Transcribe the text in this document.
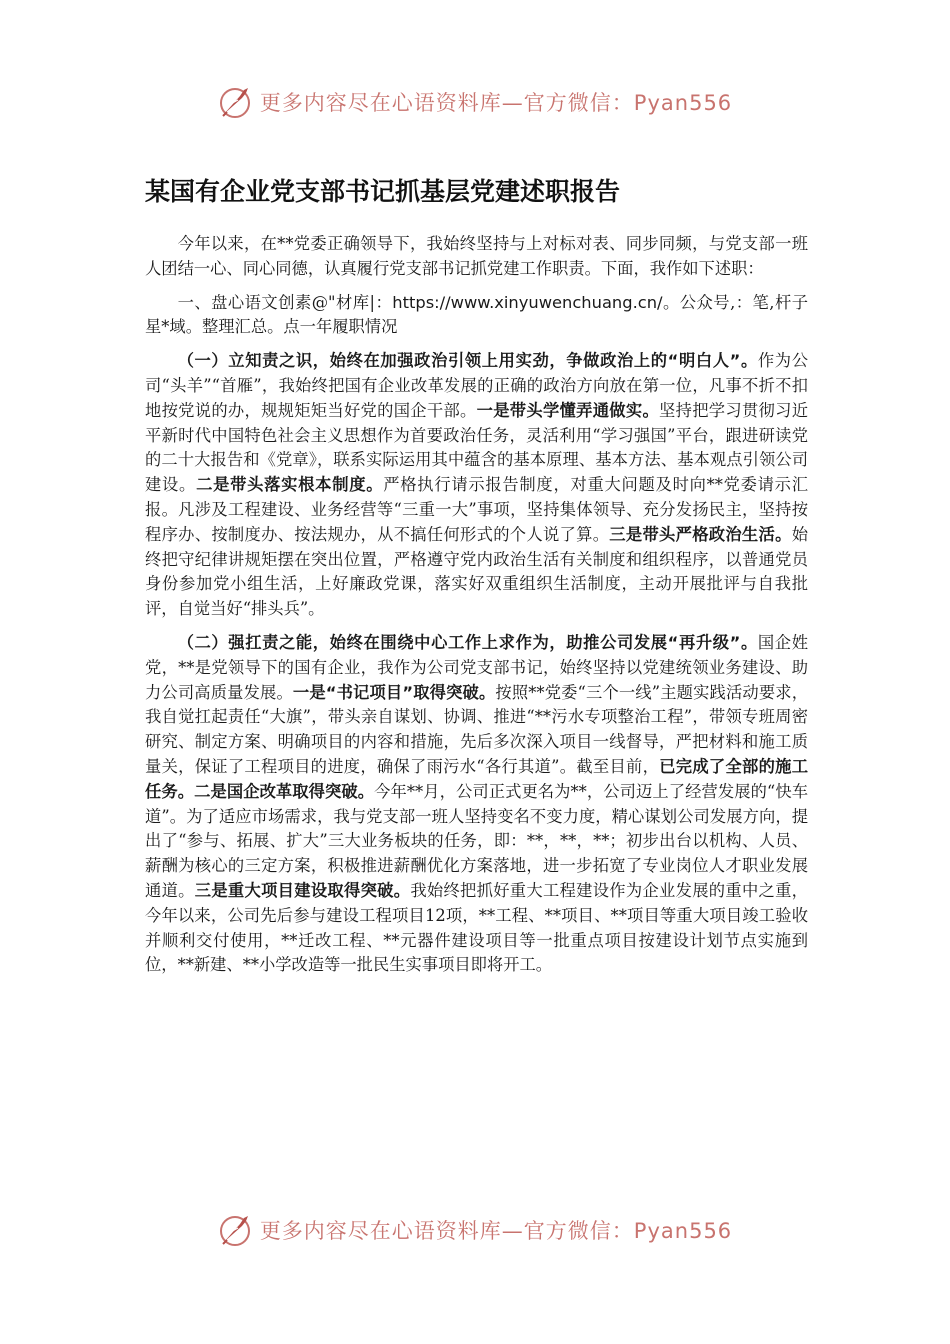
更多内容尽在心语资料库—官方微信：Pyan556
某国有企业党支部书记抓基层党建述职报告

今年以来，在**党委正确领导下，我始终坚持与上对标对表、同步同频，与党支部一班人团结一心、同心同德，认真履行党支部书记抓党建工作职责。下面，我作如下述职：

一、盘心语文创素@"材库|：https://www.xinyuwenchuang.cn/。公众号,：笔,杆子星*域。整理汇总。点一年履职情况

（一）立知责之识，始终在加强政治引领上用实劲，争做政治上的“明白人”。作为公司“头羊”“首雁”，我始终把国有企业改革发展的正确的政治方向放在第一位，凡事不折不扣地按党说的办，规规矩矩当好党的国企干部。一是带头学懂弄通做实。坚持把学习贯彻习近平新时代中国特色社会主义思想作为首要政治任务，灵活利用“学习强国”平台，跟进研读党的二十大报告和《党章》，联系实际运用其中蕴含的基本原理、基本方法、基本观点引领公司建设。二是带头落实根本制度。严格执行请示报告制度，对重大问题及时向**党委请示汇报。凡涉及工程建设、业务经营等“三重一大”事项，坚持集体领导、充分发扬民主，坚持按程序办、按制度办、按法规办，从不搞任何形式的个人说了算。三是带头严格政治生活。始终把守纪律讲规矩摆在突出位置，严格遵守党内政治生活有关制度和组织程序，以普通党员身份参加党小组生活，上好廉政党课，落实好双重组织生活制度，主动开展批评与自我批评，自觉当好“排头兵”。

（二）强扛责之能，始终在围绕中心工作上求作为，助推公司发展“再升级”。国企姓党，**是党领导下的国有企业，我作为公司党支部书记，始终坚持以党建统领业务建设、助力公司高质量发展。一是“书记项目”取得突破。按照**党委“三个一线”主题实践活动要求，我自觉扛起责任“大旗”，带头亲自谋划、协调、推进“**污水专项整治工程”，带领专班周密研究、制定方案、明确项目的内容和措施，先后多次深入项目一线督导，严把材料和施工质量关，保证了工程项目的进度，确保了雨污水“各行其道”。截至目前，已完成了全部的施工任务。二是国企改革取得突破。今年**月，公司正式更名为**，公司迈上了经营发展的“快车道”。为了适应市场需求，我与党支部一班人坚持变名不变力度，精心谋划公司发展方向，提出了“参与、拓展、扩大”三大业务板块的任务，即：**，**，**；初步出台以机构、人员、薪酬为核心的三定方案，积极推进薪酬优化方案落地，进一步拓宽了专业岗位人才职业发展通道。三是重大项目建设取得突破。我始终把抓好重大工程建设作为企业发展的重中之重，今年以来，公司先后参与建设工程项目12项，**工程、**项目、**项目等重大项目竣工验收并顺利交付使用，**迁改工程、**元器件建设项目等一批重点项目按建设计划节点实施到位，**新建、**小学改造等一批民生实事项目即将开工。

更多内容尽在心语资料库—官方微信：Pyan556
